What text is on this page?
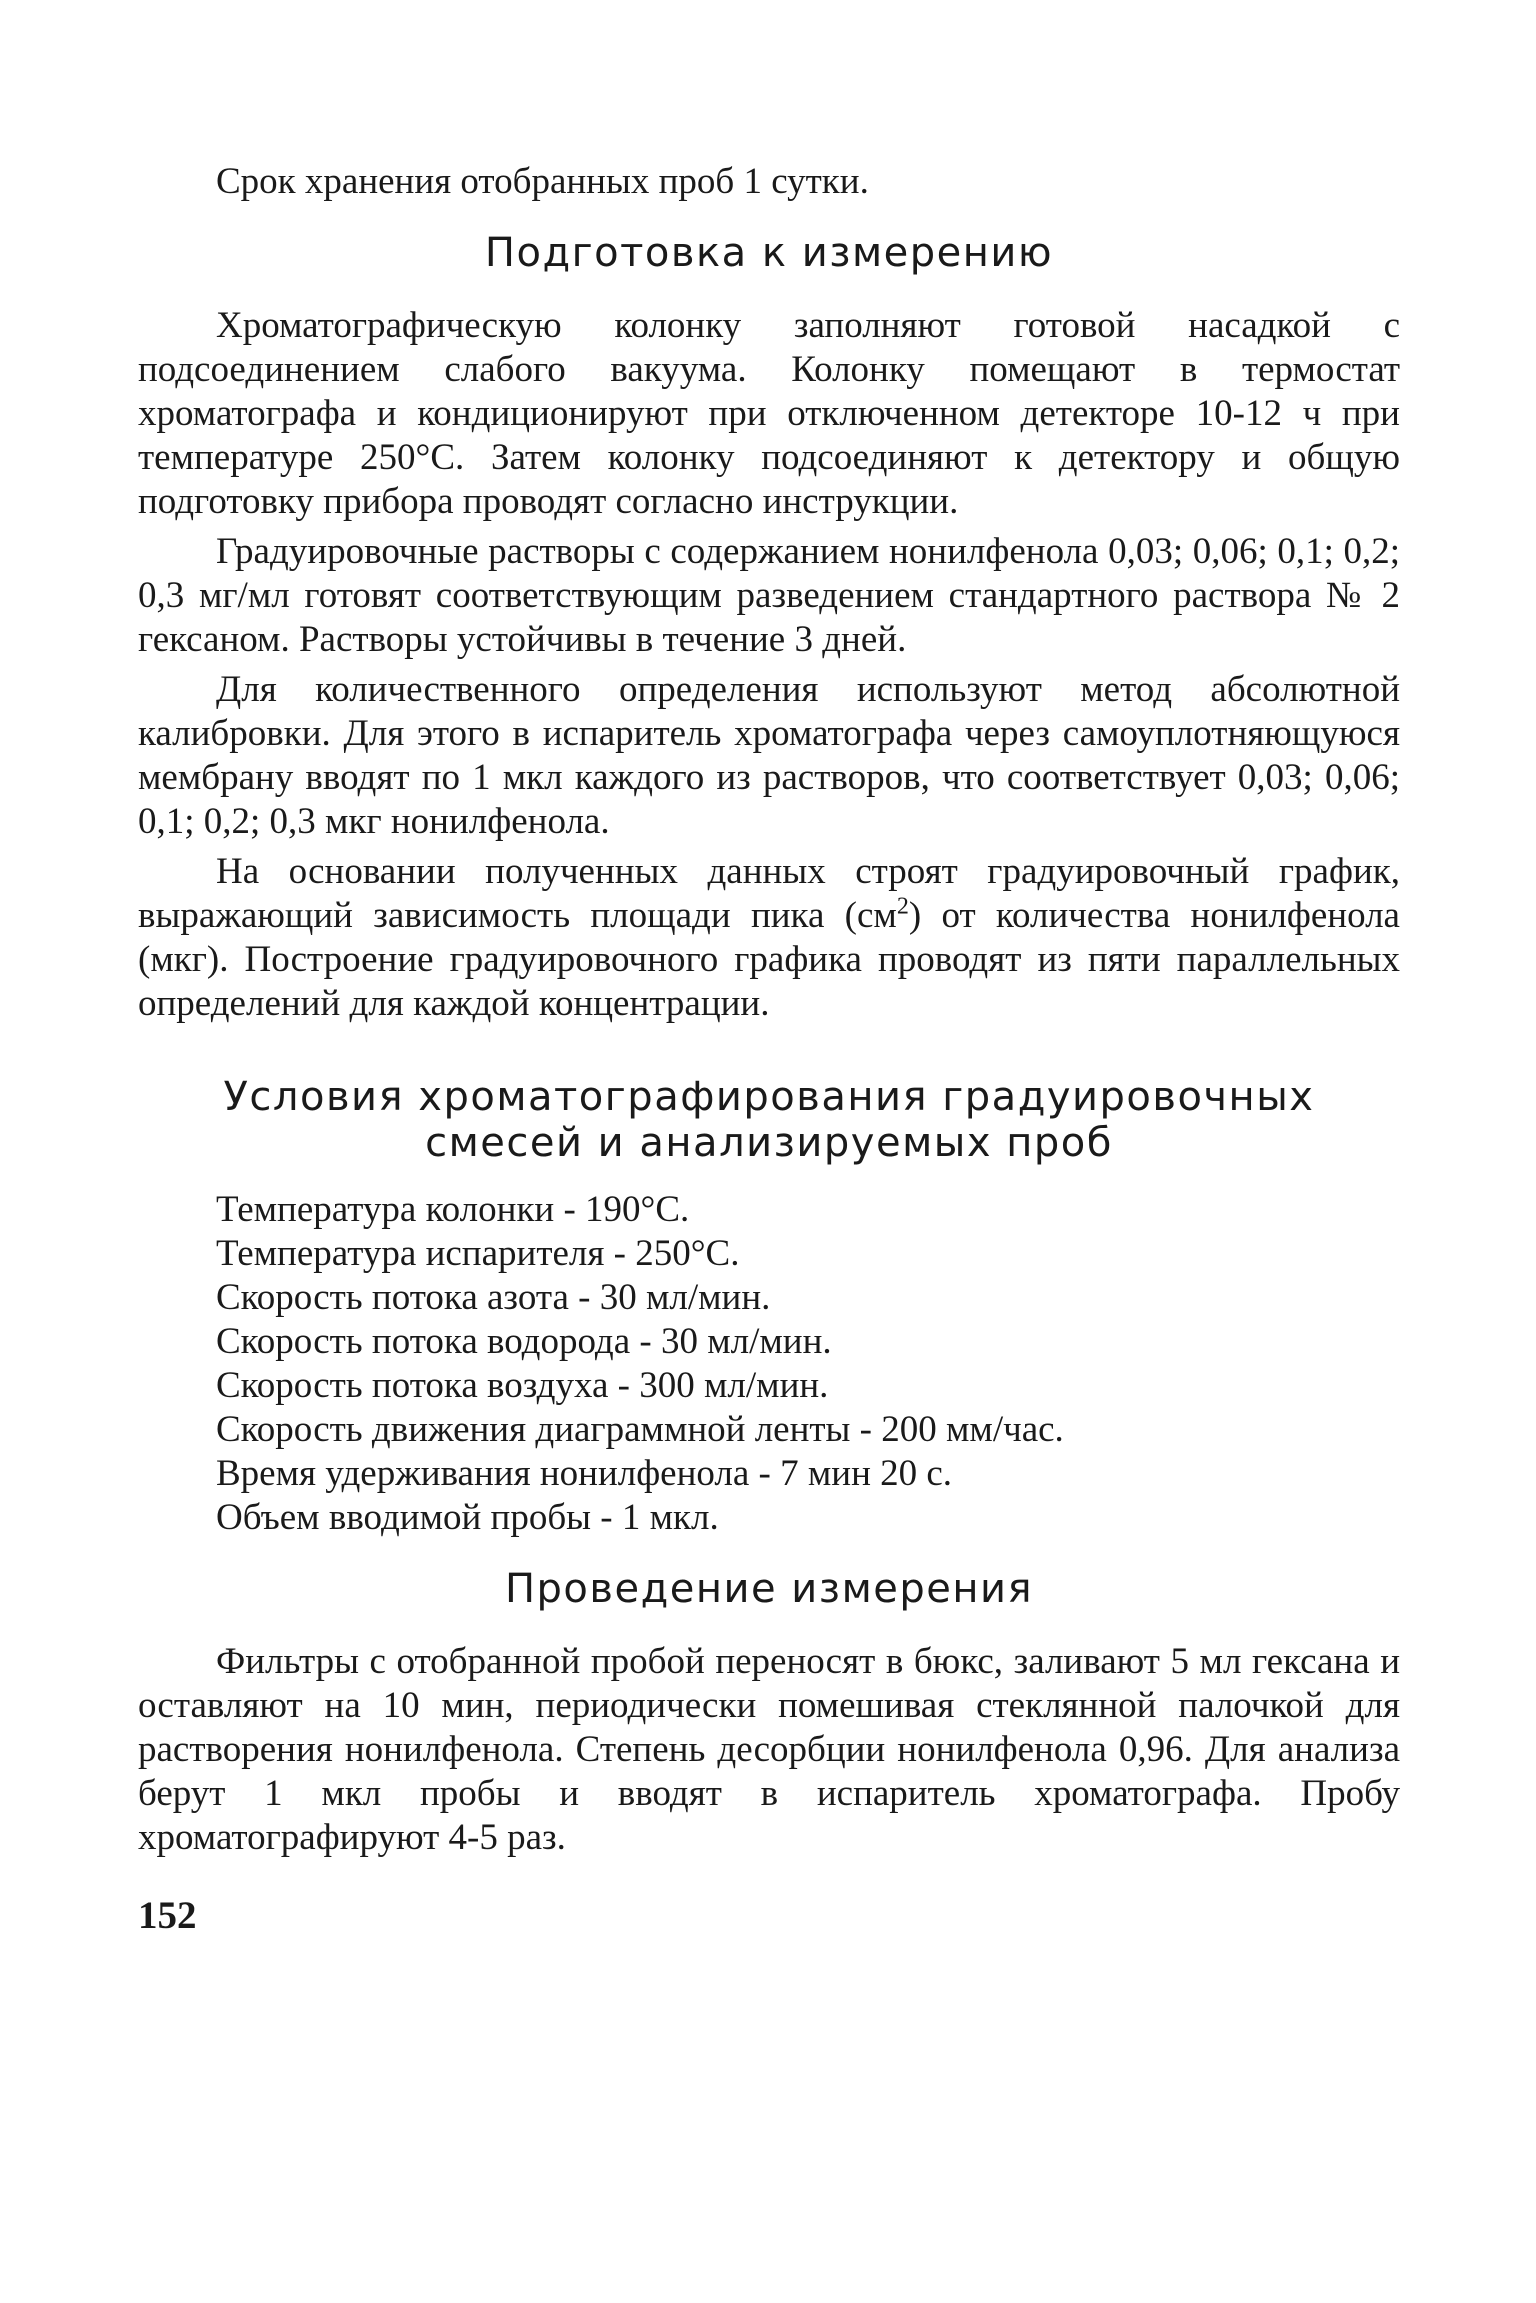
Срок хранения отобранных проб 1 сутки.

Подготовка к измерению

Хроматографическую колонку заполняют готовой насадкой с подсоединением слабого вакуума. Колонку помещают в термостат хроматографа и кондиционируют при отключенном детекторе 10-12 ч при температуре 250°С. Затем колонку подсоединяют к детектору и общую подготовку прибора проводят согласно инструкции.

Градуировочные растворы с содержанием нонилфенола 0,03; 0,06; 0,1; 0,2; 0,3 мг/мл готовят соответствующим разведением стандартного раствора № 2 гексаном. Растворы устойчивы в течение 3 дней.

Для количественного определения используют метод абсолютной калибровки. Для этого в испаритель хроматографа через самоуплотняющуюся мембрану вводят по 1 мкл каждого из растворов, что соответствует 0,03; 0,06; 0,1; 0,2; 0,3 мкг нонилфенола.

На основании полученных данных строят градуировочный график, выражающий зависимость площади пика $(см^2)$ от количества нонилфенола (мкг). Построение градуировочного графика проводят из пяти параллельных определений для каждой концентрации.

Условия хроматографирования градуировочных
смесей и анализируемых проб
Температура колонки - 190°С.
Температура испарителя - 250°С.
Скорость потока азота - 30 мл/мин.
Скорость потока водорода - 30 мл/мин.
Скорость потока воздуха - 300 мл/мин.
Скорость движения диаграммной ленты - 200 мм/час.
Время удерживания нонилфенола - 7 мин 20 с.
Объем вводимой пробы - 1 мкл.
Проведение измерения

Фильтры с отобранной пробой переносят в бюкс, заливают 5 мл гексана и оставляют на 10 мин, периодически помешивая стеклянной палочкой для растворения нонилфенола. Степень десорбции нонилфенола 0,96. Для анализа берут 1 мкл пробы и вводят в испаритель хроматографа. Пробу хроматографируют 4-5 раз.

152
